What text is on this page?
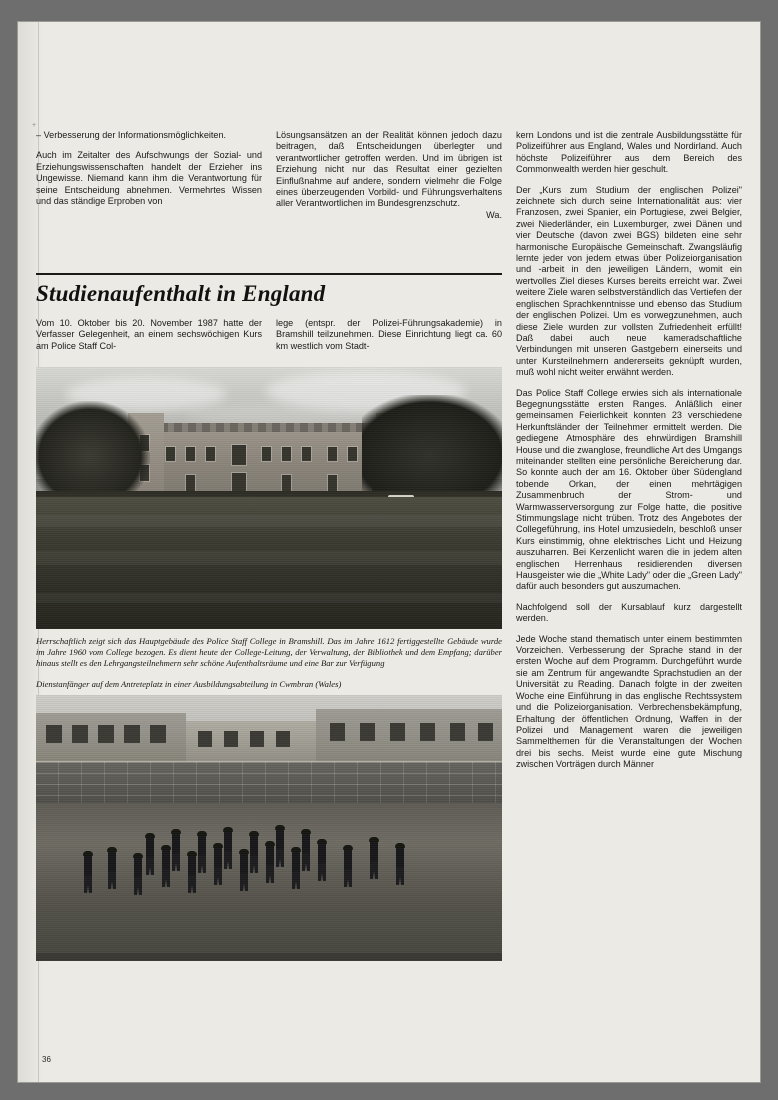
+
36

– Verbesserung der Informationsmöglichkeiten.

Auch im Zeitalter des Aufschwungs der Sozial- und Erziehungswissenschaften handelt der Erzieher ins Ungewisse. Niemand kann ihm die Verantwortung für seine Entscheidung abnehmen. Vermehrtes Wissen und das ständige Erproben von

Lösungsansätzen an der Realität können jedoch dazu beitragen, daß Entscheidungen überlegter und verantwortlicher getroffen werden. Und im übrigen ist Erziehung nicht nur das Resultat einer gezielten Einflußnahme auf andere, sondern vielmehr die Folge eines überzeugenden Vorbild- und Führungsverhaltens aller Verantwortlichen im Bundesgrenzschutz.

Wa.

kern Londons und ist die zentrale Ausbildungsstätte für Polizeiführer aus England, Wales und Nordirland. Auch höchste Polizeiführer aus dem Bereich des Commonwealth werden hier geschult.

Der „Kurs zum Studium der englischen Polizei" zeichnete sich durch seine Internationalität aus: vier Franzosen, zwei Spanier, ein Portugiese, zwei Belgier, zwei Niederländer, ein Luxemburger, zwei Dänen und vier Deutsche (davon zwei BGS) bildeten eine sehr harmonische Europäische Gemeinschaft. Zwangsläufig lernte jeder von jedem etwas über Polizeiorganisation und -arbeit in den jeweiligen Ländern, womit ein wertvolles Ziel dieses Kurses bereits erreicht war. Zwei weitere Ziele waren selbstverständlich das Vertiefen der englischen Sprachkenntnisse und ebenso das Studium der englischen Polizei. Um es vorwegzunehmen, auch diese Ziele wurden zur vollsten Zufriedenheit erfüllt! Daß dabei auch neue kameradschaftliche Verbindungen mit unseren Gastgebern einerseits und unter Kursteilnehmern andererseits geknüpft wurden, muß wohl nicht weiter erwähnt werden.

Das Police Staff College erwies sich als internationale Begegnungsstätte ersten Ranges. Anläßlich einer gemeinsamen Feierlichkeit konnten 23 verschiedene Herkunftsländer der Teilnehmer ermittelt werden. Die gediegene Atmosphäre des ehrwürdigen Bramshill House und die zwanglose, freundliche Art des Umgangs miteinander stellten eine persönliche Bereicherung dar. So konnte auch der am 16. Oktober über Südengland tobende Orkan, der einen mehrtägigen Zusammenbruch der Strom- und Warmwasserversorgung zur Folge hatte, die positive Stimmungslage nicht trüben. Trotz des Angebotes der Collegeführung, ins Hotel umzusiedeln, beschloß unser Kurs einstimmig, ohne elektrisches Licht und Heizung auszuharren. Bei Kerzenlicht waren die in jedem alten englischen Herrenhaus residierenden diversen Hausgeister wie die „White Lady" oder die „Green Lady" dafür auch besonders gut auszumachen.

Nachfolgend soll der Kursablauf kurz dargestellt werden.

Jede Woche stand thematisch unter einem bestimmten Vorzeichen. Verbesserung der Sprache stand in der ersten Woche auf dem Programm. Durchgeführt wurde sie am Zentrum für angewandte Sprachstudien an der Universität zu Reading. Danach folgte in der zweiten Woche eine Einführung in das englische Rechtssystem und die Polizeiorganisation. Verbrechensbekämpfung, Erhaltung der öffentlichen Ordnung, Waffen in der Polizei und Management waren die jeweiligen Sammelthemen für die Veranstaltungen der Wochen drei bis sechs. Meist wurde eine gute Mischung zwischen Vorträgen durch Männer

Studienaufenthalt in England

Vom 10. Oktober bis 20. November 1987 hatte der Verfasser Gelegenheit, an einem sechswöchigen Kurs am Police Staff Col-

lege (entspr. der Polizei-Führungsakademie) in Bramshill teilzunehmen. Diese Einrichtung liegt ca. 60 km westlich vom Stadt-

Herrschaftlich zeigt sich das Hauptgebäude des Police Staff College in Bramshill. Das im Jahre 1612 fertiggestellte Gebäude wurde im Jahre 1960 vom College bezogen. Es dient heute der College-Leitung, der Verwaltung, der Bibliothek und dem Empfang; darüber hinaus stellt es den Lehrgangsteilnehmern sehr schöne Aufenthaltsräume und eine Bar zur Verfügung
Dienstanfänger auf dem Antreteplatz in einer Ausbildungsabteilung in Cwmbran (Wales)
